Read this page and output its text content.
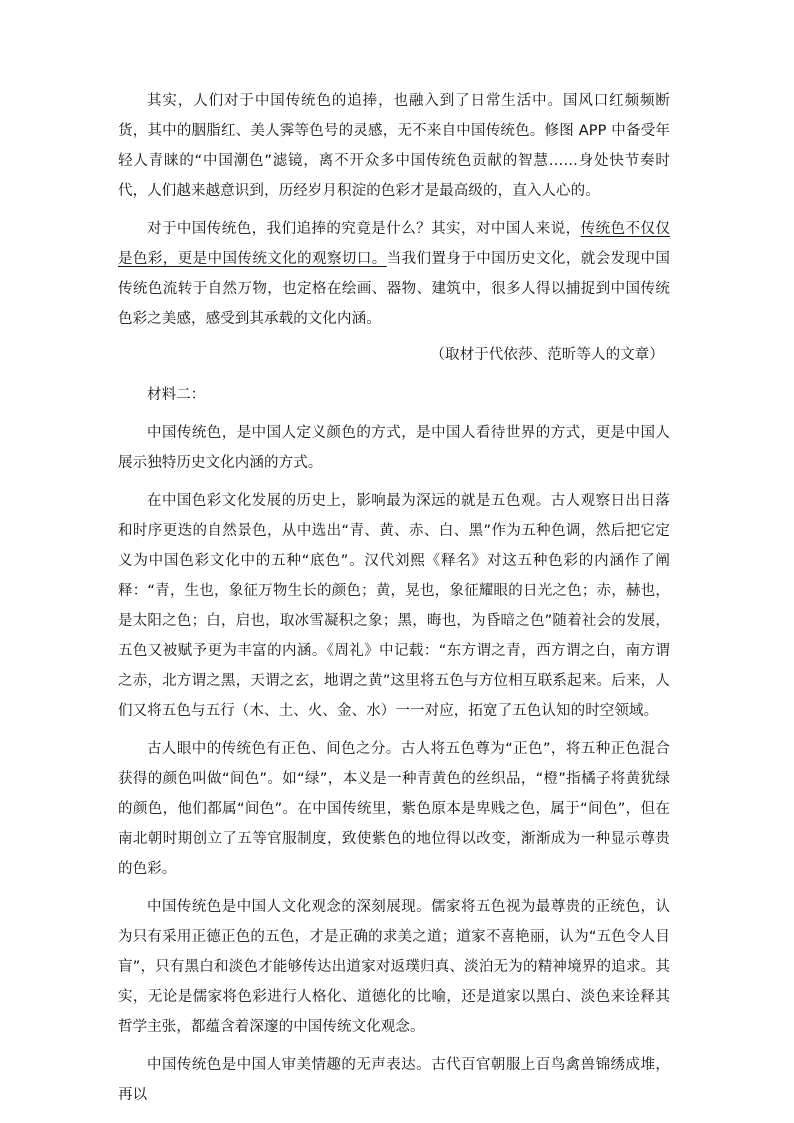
其实，人们对于中国传统色的追捧，也融入到了日常生活中。国风口红频频断货，其中的胭脂红、美人霁等色号的灵感，无不来自中国传统色。修图 APP 中备受年轻人青睐的“中国潮色”滤镜，离不开众多中国传统色贡献的智慧……身处快节奏时代，人们越来越意识到，历经岁月积淀的色彩才是最高级的，直入人心的。

对于中国传统色，我们追捧的究竟是什么？其实，对中国人来说，传统色不仅仅是色彩，更是中国传统文化的观察切口。当我们置身于中国历史文化，就会发现中国传统色流转于自然万物，也定格在绘画、器物、建筑中，很多人得以捕捉到中国传统色彩之美感，感受到其承载的文化内涵。

（取材于代依莎、范昕等人的文章）

材料二：

中国传统色，是中国人定义颜色的方式，是中国人看待世界的方式，更是中国人展示独特历史文化内涵的方式。

在中国色彩文化发展的历史上，影响最为深远的就是五色观。古人观察日出日落和时序更迭的自然景色，从中选出“青、黄、赤、白、黑”作为五种色调，然后把它定义为中国色彩文化中的五种“底色”。汉代刘熙《释名》对这五种色彩的内涵作了阐释：“青，生也，象征万物生长的颜色；黄，晃也，象征耀眼的日光之色；赤，赫也，是太阳之色；白，启也，取冰雪凝积之象；黑，晦也，为昏暗之色”随着社会的发展，五色又被赋予更为丰富的内涵。《周礼》中记载：“东方谓之青，西方谓之白，南方谓之赤，北方谓之黑，天谓之玄，地谓之黄”这里将五色与方位相互联系起来。后来，人们又将五色与五行（木、土、火、金、水）一一对应，拓宽了五色认知的时空领域。

古人眼中的传统色有正色、间色之分。古人将五色尊为“正色”，将五种正色混合获得的颜色叫做“间色”。如“绿”，本义是一种青黄色的丝织品，“橙”指橘子将黄犹绿的颜色，他们都属“间色”。在中国传统里，紫色原本是卑贱之色，属于“间色”，但在南北朝时期创立了五等官服制度，致使紫色的地位得以改变，渐渐成为一种显示尊贵的色彩。

中国传统色是中国人文化观念的深刻展现。儒家将五色视为最尊贵的正统色，认为只有采用正德正色的五色，才是正确的求美之道；道家不喜艳丽，认为“五色令人目盲”，只有黑白和淡色才能够传达出道家对返璞归真、淡泊无为的精神境界的追求。其实，无论是儒家将色彩进行人格化、道德化的比喻，还是道家以黑白、淡色来诠释其哲学主张，都蕴含着深邃的中国传统文化观念。

中国传统色是中国人审美情趣的无声表达。古代百官朝服上百鸟禽兽锦绣成堆，再以
